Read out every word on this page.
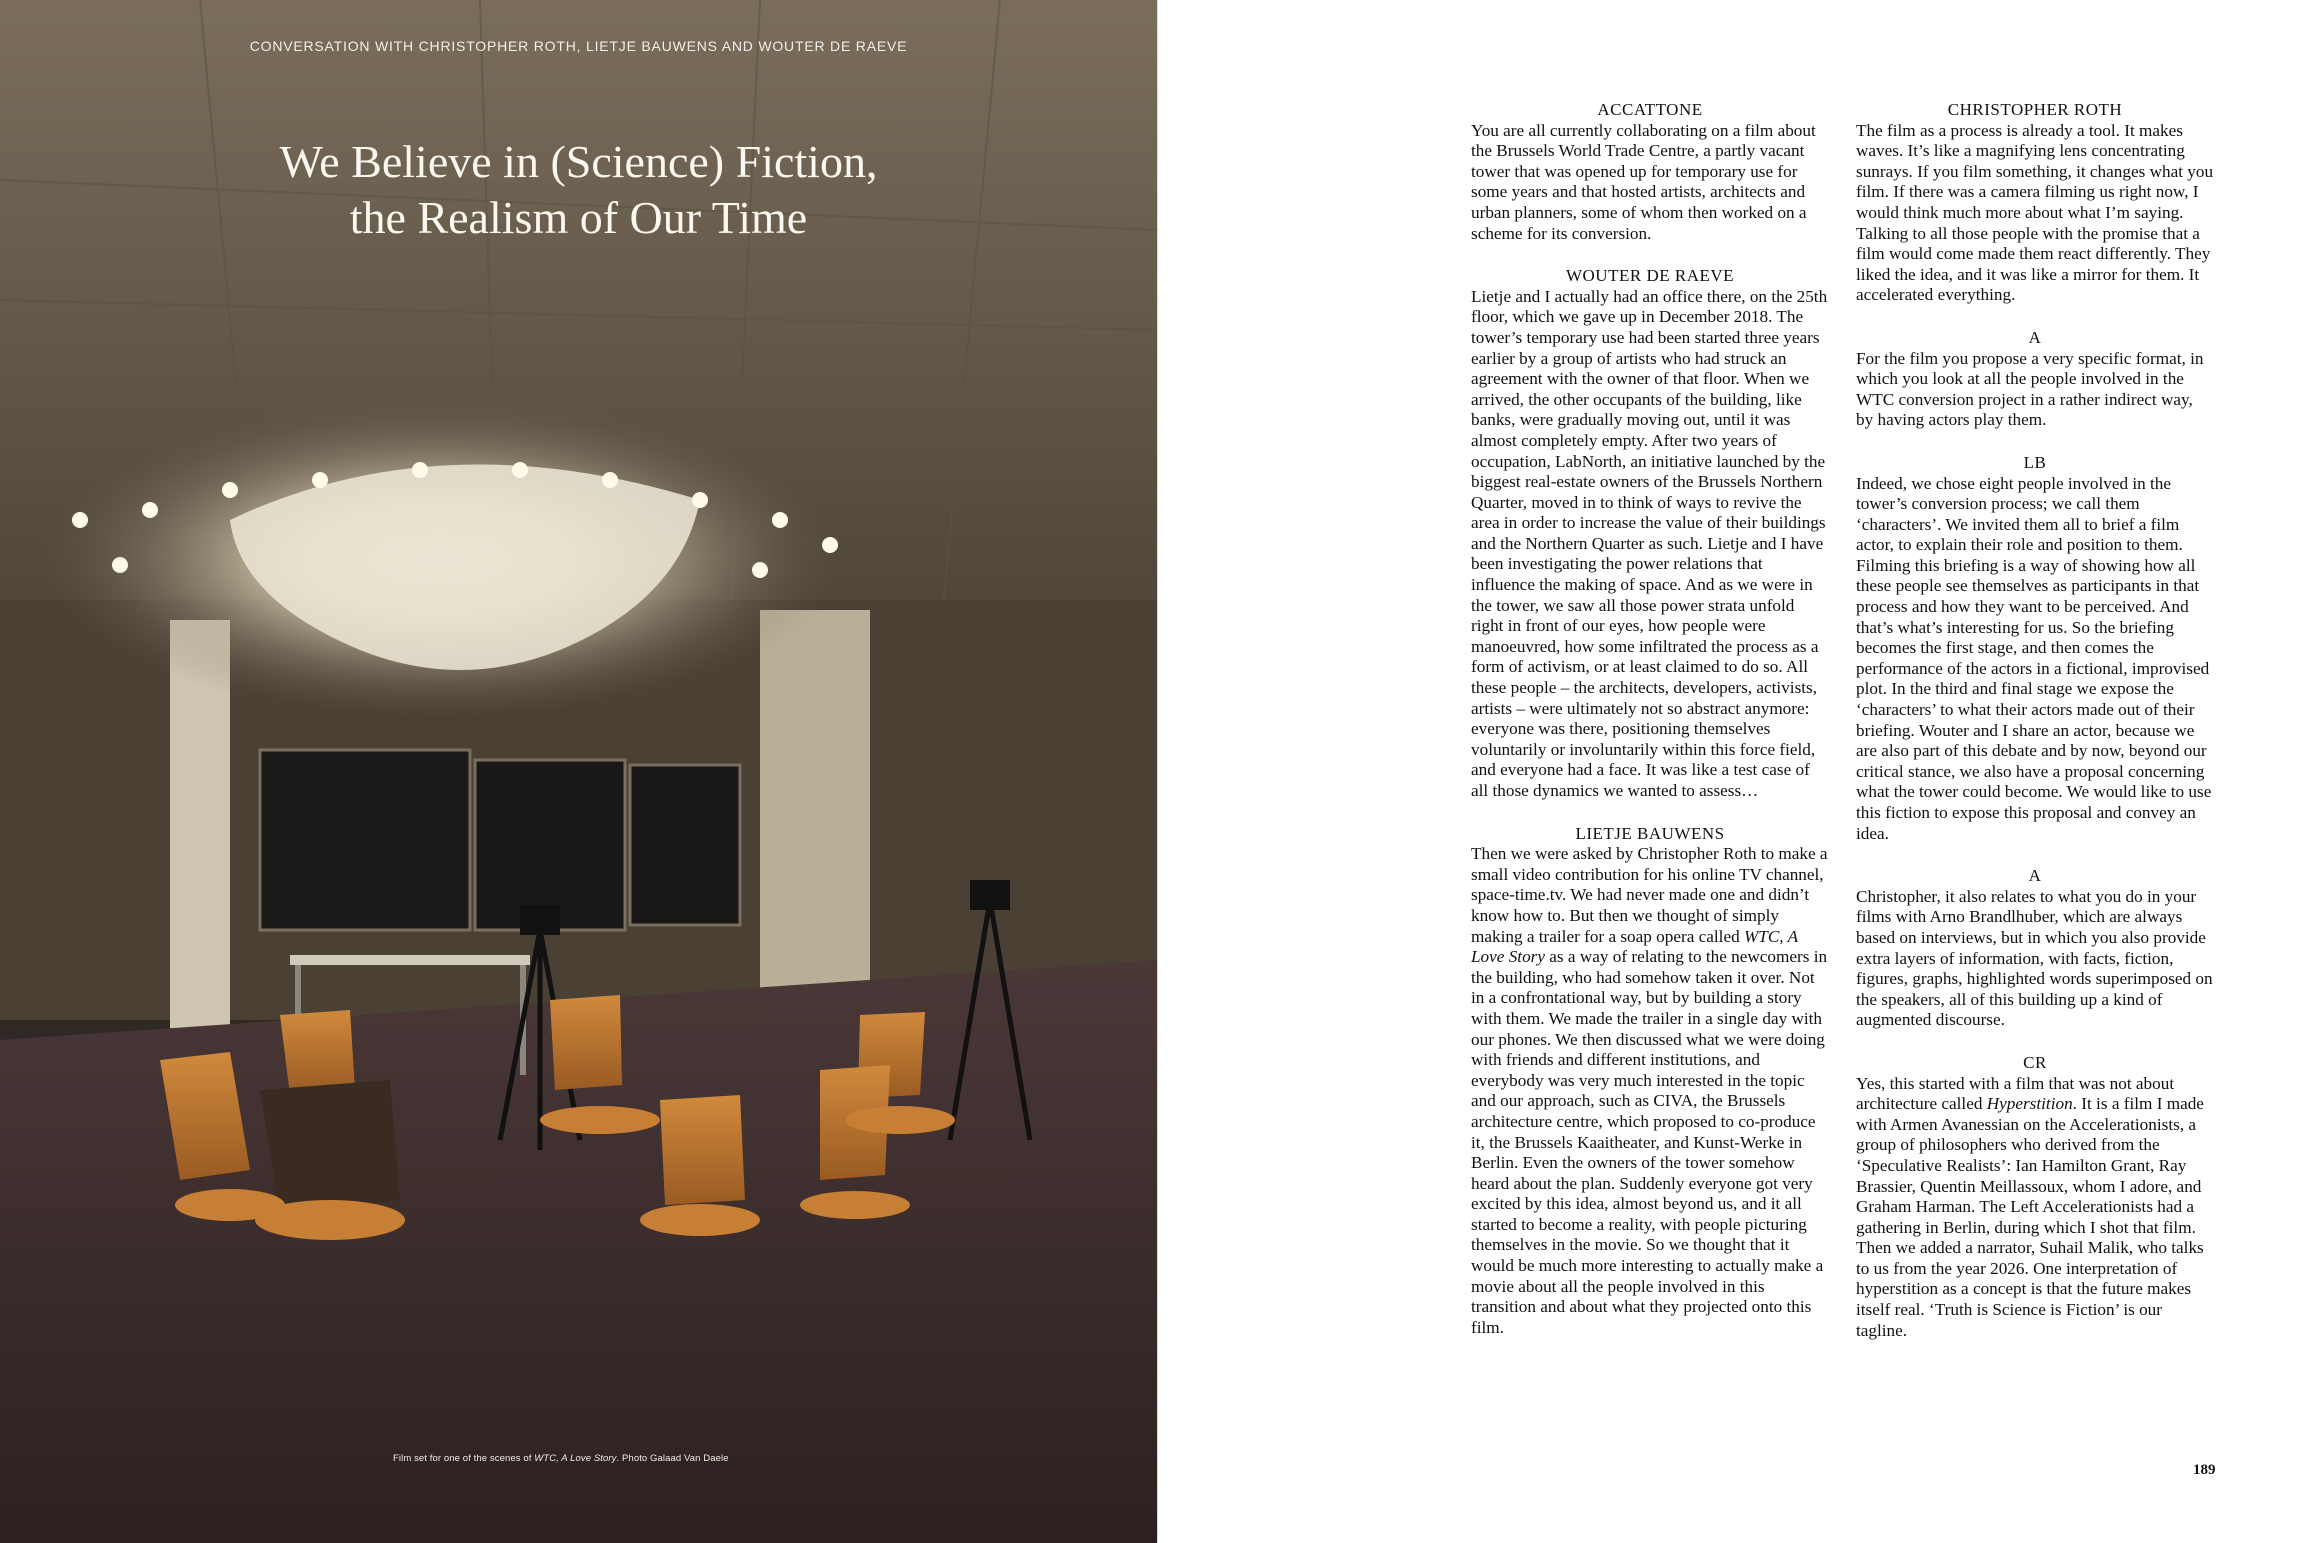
CONVERSATION WITH CHRISTOPHER ROTH, LIETJE BAUWENS AND WOUTER DE RAEVE
We Believe in (Science) Fiction,
the Realism of Our Time
Film set for one of the scenes of WTC, A Love Story. Photo Galaad Van Daele
ACCATTONE
You are all currently collaborating on a film about the Brussels World Trade Centre, a partly vacant tower that was opened up for temporary use for some years and that hosted artists, architects and urban planners, some of whom then worked on a scheme for its conversion.
WOUTER DE RAEVE
Lietje and I actually had an office there, on the 25th floor, which we gave up in December 2018. The tower’s temporary use had been started three years earlier by a group of artists who had struck an agreement with the owner of that floor. When we arrived, the other occupants of the building, like banks, were gradually moving out, until it was almost completely empty. After two years of occupation, LabNorth, an initiative launched by the biggest real-estate owners of the Brussels Northern Quarter, moved in to think of ways to revive the area in order to increase the value of their buildings and the Northern Quarter as such. Lietje and I have been investigating the power relations that influence the making of space. And as we were in the tower, we saw all those power strata unfold right in front of our eyes, how people were manoeuvred, how some infiltrated the process as a form of activism, or at least claimed to do so. All these people – the architects, developers, activists, artists – were ultimately not so abstract anymore: everyone was there, positioning themselves voluntarily or involuntarily within this force field, and everyone had a face. It was like a test case of all those dynamics we wanted to assess…
LIETJE BAUWENS
Then we were asked by Christopher Roth to make a small video contribution for his online TV channel, space-time.tv. We had never made one and didn’t know how to. But then we thought of simply making a trailer for a soap opera called WTC, A Love Story as a way of relating to the newcomers in the building, who had somehow taken it over. Not in a confrontational way, but by building a story with them. We made the trailer in a single day with our phones. We then discussed what we were doing with friends and different institutions, and everybody was very much interested in the topic and our approach, such as CIVA, the Brussels architecture centre, which proposed to co-produce it, the Brussels Kaaitheater, and Kunst-Werke in Berlin. Even the owners of the tower somehow heard about the plan. Suddenly everyone got very excited by this idea, almost beyond us, and it all started to become a reality, with people picturing themselves in the movie. So we thought that it would be much more interesting to actually make a movie about all the people involved in this transition and about what they projected onto this film.
CHRISTOPHER ROTH
The film as a process is already a tool. It makes waves. It’s like a magnifying lens concentrating sunrays. If you film something, it changes what you film. If there was a camera filming us right now, I would think much more about what I’m saying. Talking to all those people with the promise that a film would come made them react differently. They liked the idea, and it was like a mirror for them. It accelerated everything.
A
For the film you propose a very specific format, in which you look at all the people involved in the WTC conversion project in a rather indirect way, by having actors play them.
LB
Indeed, we chose eight people involved in the tower’s conversion process; we call them ‘characters’. We invited them all to brief a film actor, to explain their role and position to them. Filming this briefing is a way of showing how all these people see themselves as participants in that process and how they want to be perceived. And that’s what’s interesting for us. So the briefing becomes the first stage, and then comes the performance of the actors in a fictional, improvised plot. In the third and final stage we expose the ‘characters’ to what their actors made out of their briefing. Wouter and I share an actor, because we are also part of this debate and by now, beyond our critical stance, we also have a proposal concerning what the tower could become. We would like to use this fiction to expose this proposal and convey an idea.
A
Christopher, it also relates to what you do in your films with Arno Brandlhuber, which are always based on interviews, but in which you also provide extra layers of information, with facts, fiction, figures, graphs, highlighted words superimposed on the speakers, all of this building up a kind of augmented discourse.
CR
Yes, this started with a film that was not about architecture called Hyperstition. It is a film I made with Armen Avanessian on the Accelerationists, a group of philosophers who derived from the ‘Speculative Realists’: Ian Hamilton Grant, Ray Brassier, Quentin Meillassoux, whom I adore, and Graham Harman. The Left Accelerationists had a gathering in Berlin, during which I shot that film. Then we added a narrator, Suhail Malik, who talks to us from the year 2026. One interpretation of hyperstition as a concept is that the future makes itself real. ‘Truth is Science is Fiction’ is our tagline.
189
